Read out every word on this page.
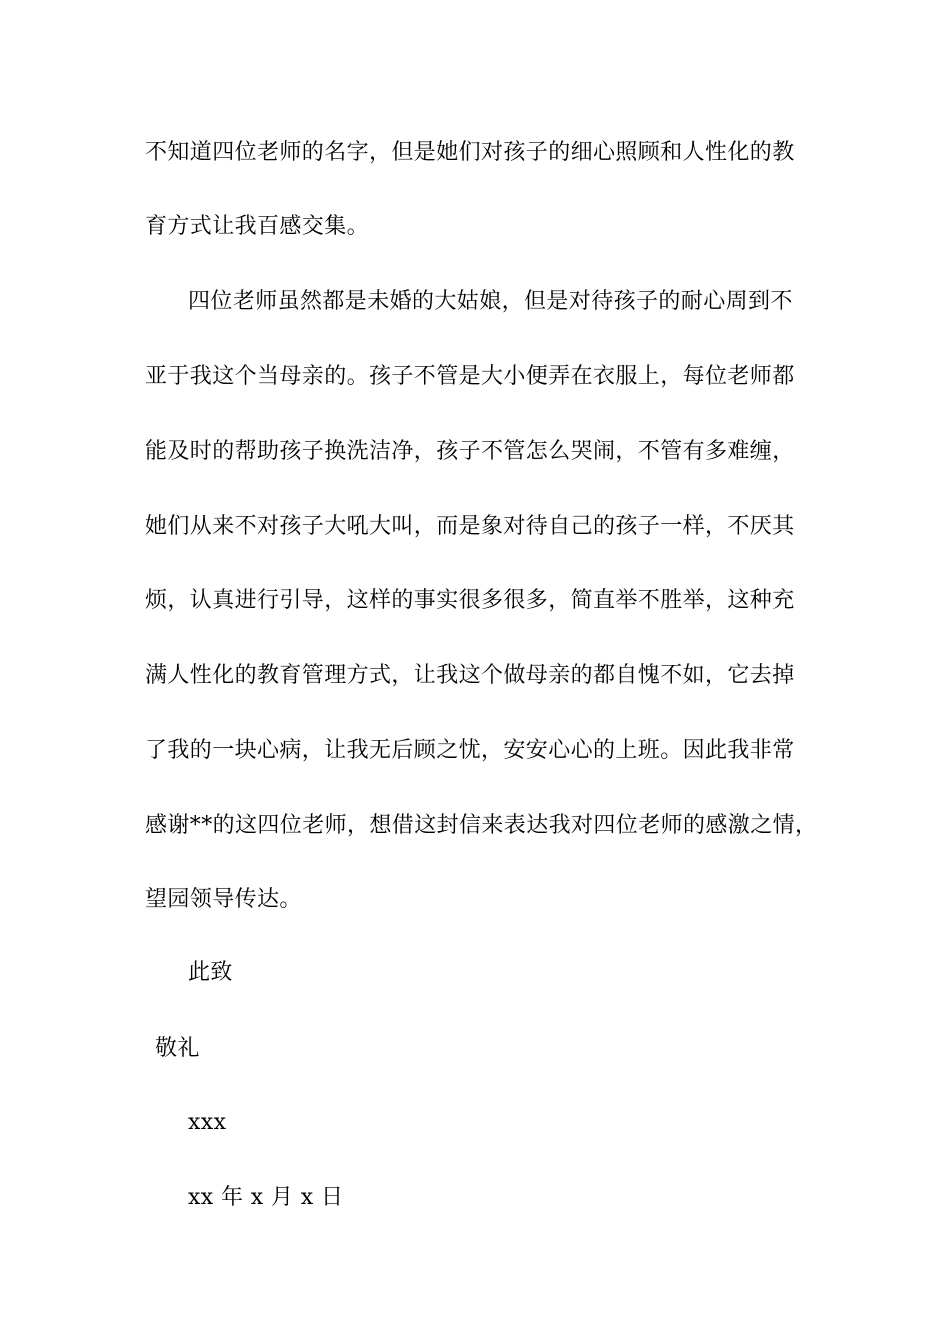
不知道四位老师的名字，但是她们对孩子的细心照顾和人性化的教
育方式让我百感交集。
四位老师虽然都是未婚的大姑娘，但是对待孩子的耐心周到不
亚于我这个当母亲的。孩子不管是大小便弄在衣服上，每位老师都
能及时的帮助孩子换洗洁净，孩子不管怎么哭闹，不管有多难缠，
她们从来不对孩子大吼大叫，而是象对待自己的孩子一样，不厌其
烦，认真进行引导，这样的事实很多很多，简直举不胜举，这种充
满人性化的教育管理方式，让我这个做母亲的都自愧不如，它去掉
了我的一块心病，让我无后顾之忧，安安心心的上班。因此我非常
感谢**的这四位老师，想借这封信来表达我对四位老师的感激之情，
望园领导传达。
此致
敬礼
xxx
xx 年 x 月 x 日
